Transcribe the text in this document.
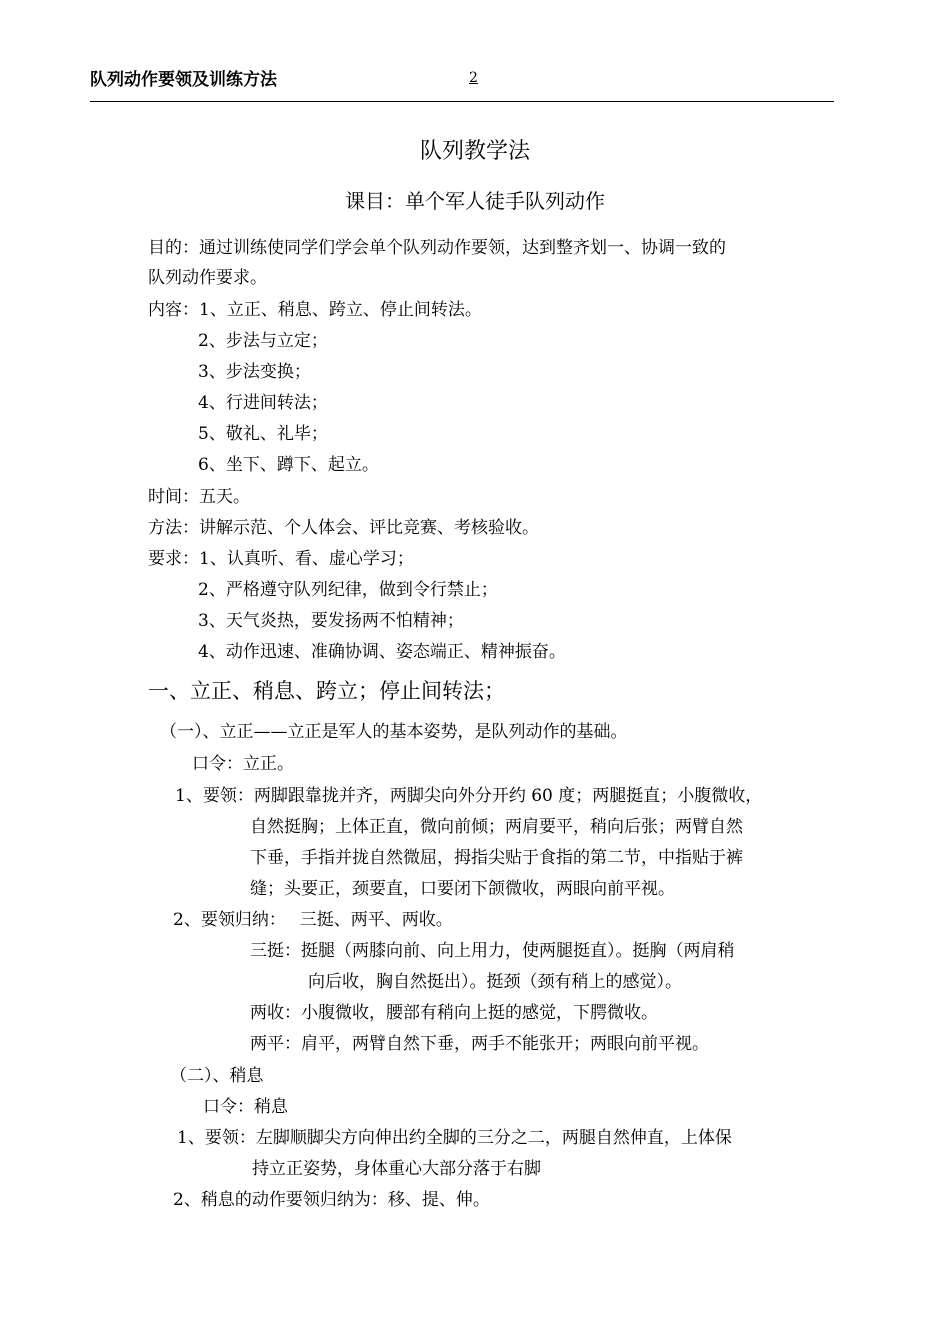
队列动作要领及训练方法	2
队列教学法
课目：单个军人徒手队列动作
目的：通过训练使同学们学会单个队列动作要领，达到整齐划一、协调一致的
队列动作要求。
内容：1、立正、稍息、跨立、停止间转法。
2、步法与立定；
3、步法变换；
4、行进间转法；
5、敬礼、礼毕；
6、坐下、蹲下、起立。
时间：五天。
方法：讲解示范、个人体会、评比竞赛、考核验收。
要求：1、认真听、看、虚心学习；
2、严格遵守队列纪律，做到令行禁止；
3、天气炎热，要发扬两不怕精神；
4、动作迅速、准确协调、姿态端正、精神振奋。
一、立正、稍息、跨立；停止间转法；
（一）、立正——立正是军人的基本姿势，是队列动作的基础。
口令：立正。
1、要领：两脚跟靠拢并齐，两脚尖向外分开约 60 度；两腿挺直；小腹微收，
自然挺胸；上体正直，微向前倾；两肩要平，稍向后张；两臂自然
下垂，手指并拢自然微屈，拇指尖贴于食指的第二节，中指贴于裤
缝；头要正，颈要直，口要闭下颌微收，两眼向前平视。
2、要领归纳：　 三挺、两平、两收。
三挺：挺腿（两膝向前、向上用力，使两腿挺直）。挺胸（两肩稍
向后收，胸自然挺出）。挺颈（颈有稍上的感觉）。
两收：小腹微收，腰部有稍向上挺的感觉，下腭微收。
两平：肩平，两臂自然下垂，两手不能张开；两眼向前平视。
（二）、稍息
口令：稍息
1、要领：左脚顺脚尖方向伸出约全脚的三分之二，两腿自然伸直，上体保
持立正姿势，身体重心大部分落于右脚
2、稍息的动作要领归纳为：移、提、伸。
